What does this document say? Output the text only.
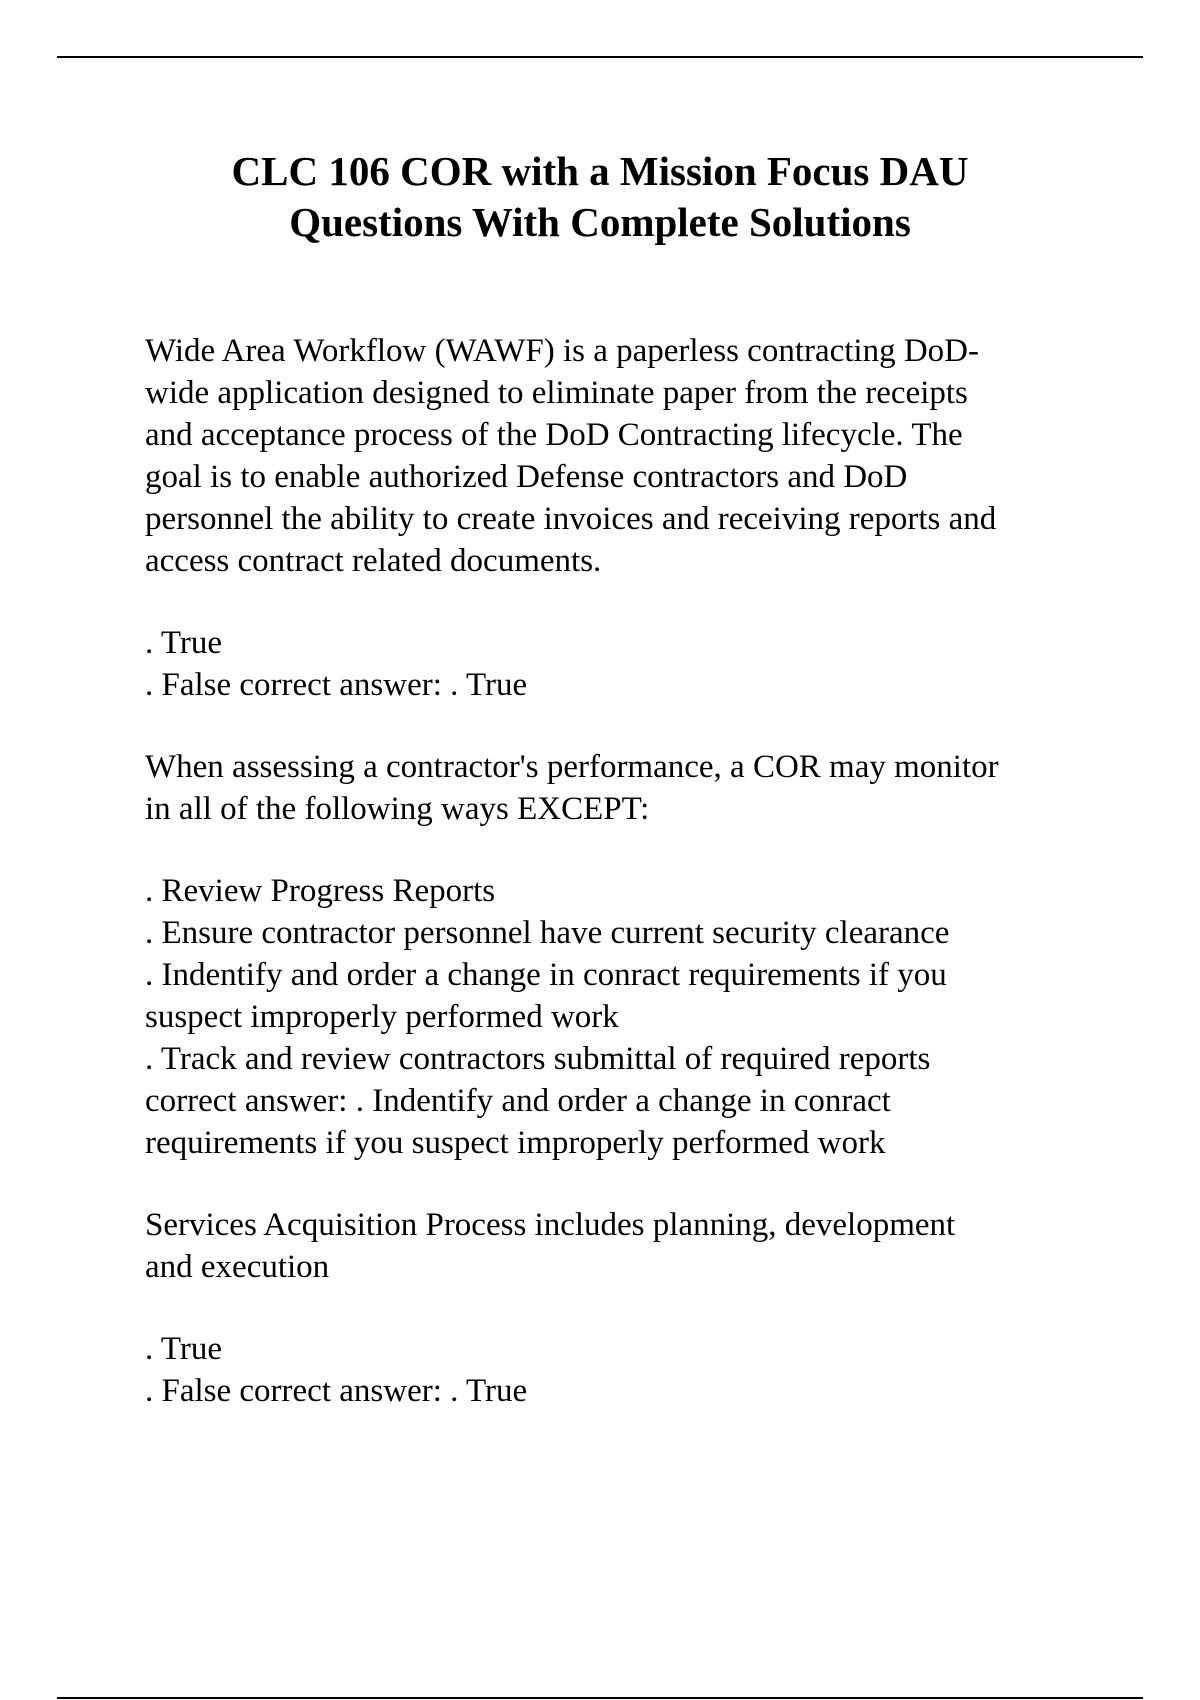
CLC 106 COR with a Mission Focus DAU
Questions With Complete Solutions
Wide Area Workflow (WAWF) is a paperless contracting DoD-
wide application designed to eliminate paper from the receipts
and acceptance process of the DoD Contracting lifecycle. The
goal is to enable authorized Defense contractors and DoD
personnel the ability to create invoices and receiving reports and
access contract related documents.
. True
. False correct answer: . True
When assessing a contractor's performance, a COR may monitor
in all of the following ways EXCEPT:
. Review Progress Reports
. Ensure contractor personnel have current security clearance
. Indentify and order a change in conract requirements if you
suspect improperly performed work
. Track and review contractors submittal of required reports
correct answer: . Indentify and order a change in conract
requirements if you suspect improperly performed work
Services Acquisition Process includes planning, development
and execution
. True
. False correct answer: . True
